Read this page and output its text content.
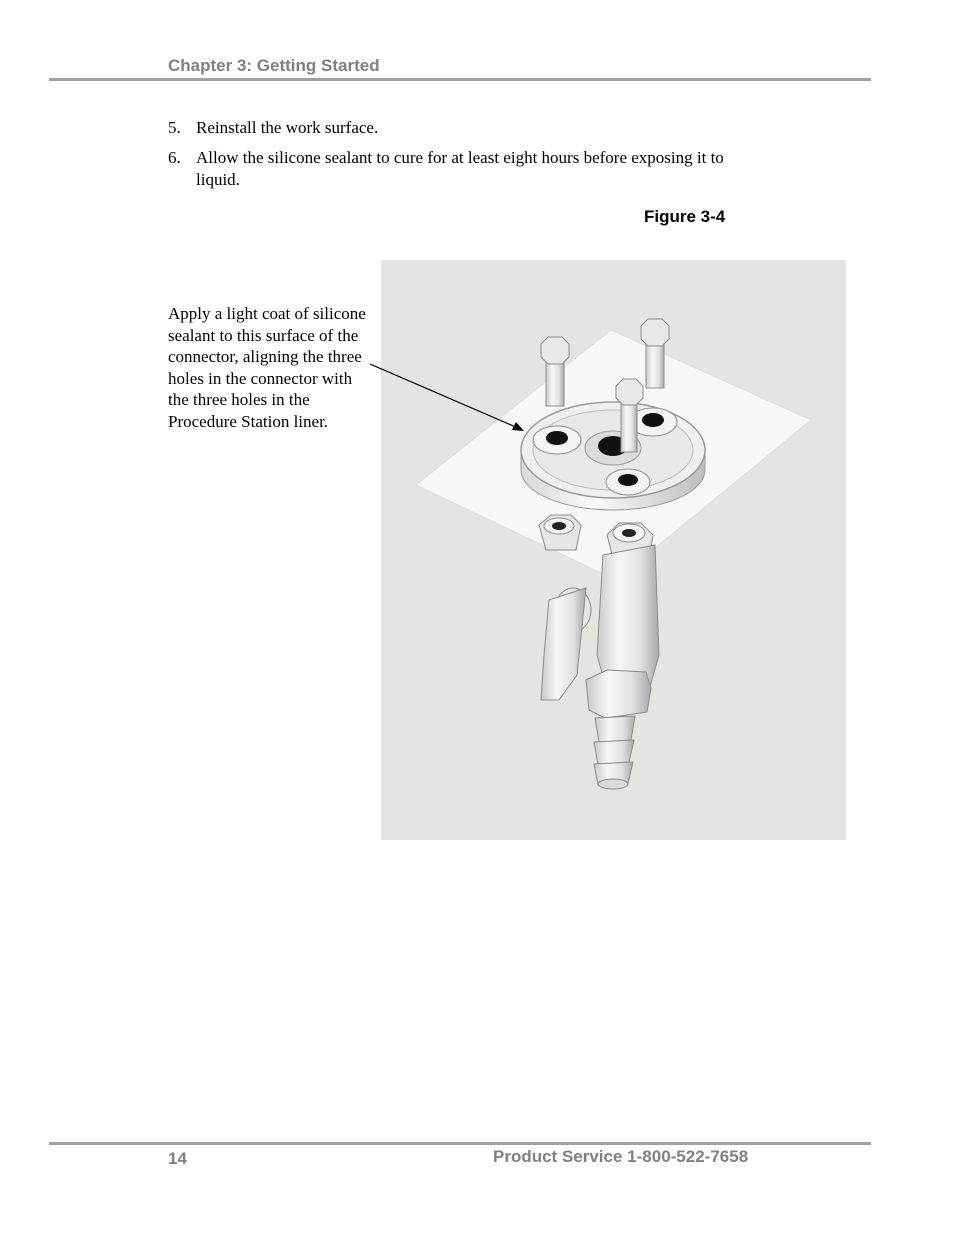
Chapter 3: Getting Started
5. Reinstall the work surface.
6. Allow the silicone sealant to cure for at least eight hours before exposing it to liquid.
Figure 3-4
Apply a light coat of silicone sealant to this surface of the connector, aligning the three holes in the connector with the three holes in the Procedure Station liner.
14	Product Service 1-800-522-7658
